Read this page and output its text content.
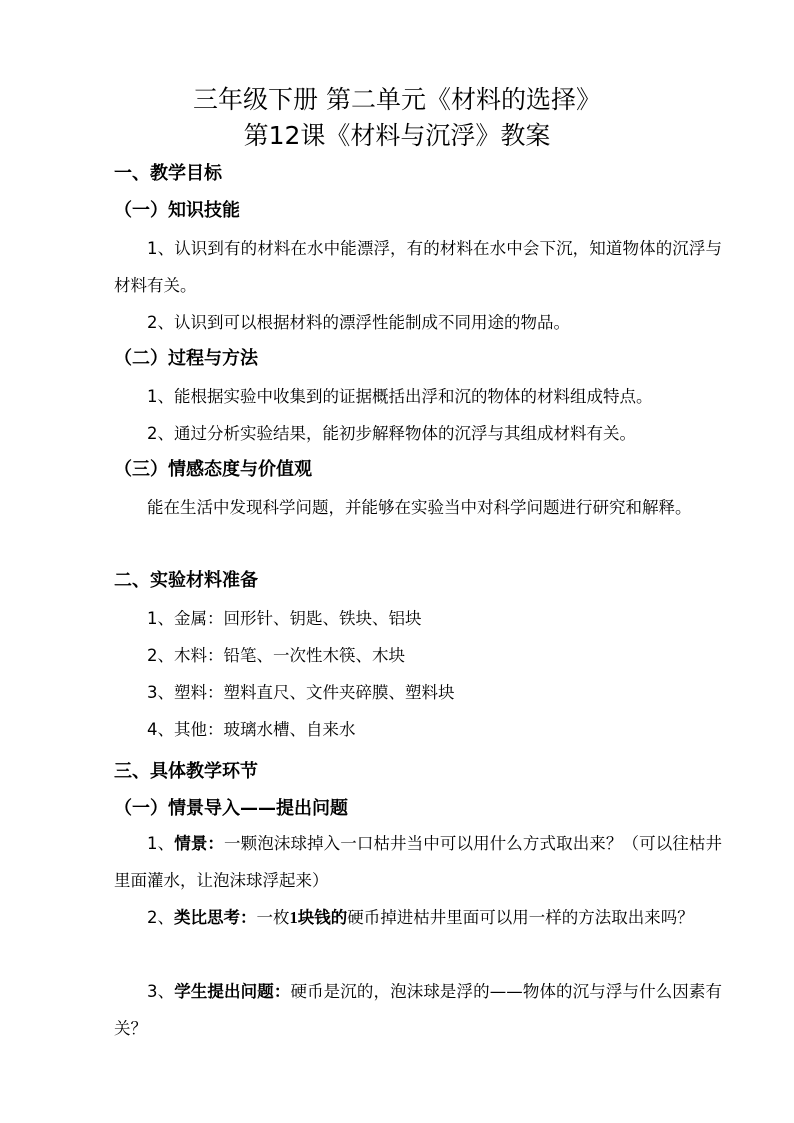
三年级下册 第二单元《材料的选择》
第12课《材料与沉浮》教案
一、教学目标
（一）知识技能
1、认识到有的材料在水中能漂浮，有的材料在水中会下沉，知道物体的沉浮与材料有关。
2、认识到可以根据材料的漂浮性能制成不同用途的物品。
（二）过程与方法
1、能根据实验中收集到的证据概括出浮和沉的物体的材料组成特点。
2、通过分析实验结果，能初步解释物体的沉浮与其组成材料有关。
（三）情感态度与价值观
能在生活中发现科学问题，并能够在实验当中对科学问题进行研究和解释。
二、实验材料准备
1、金属：回形针、钥匙、铁块、铝块
2、木料：铅笔、一次性木筷、木块
3、塑料：塑料直尺、文件夹碎膜、塑料块
4、其他：玻璃水槽、自来水
三、具体教学环节
（一）情景导入——提出问题
1、情景：一颗泡沫球掉入一口枯井当中可以用什么方式取出来？（可以往枯井里面灌水，让泡沫球浮起来）
2、类比思考：一枚1块钱的硬币掉进枯井里面可以用一样的方法取出来吗？
3、学生提出问题：硬币是沉的，泡沫球是浮的——物体的沉与浮与什么因素有关？
